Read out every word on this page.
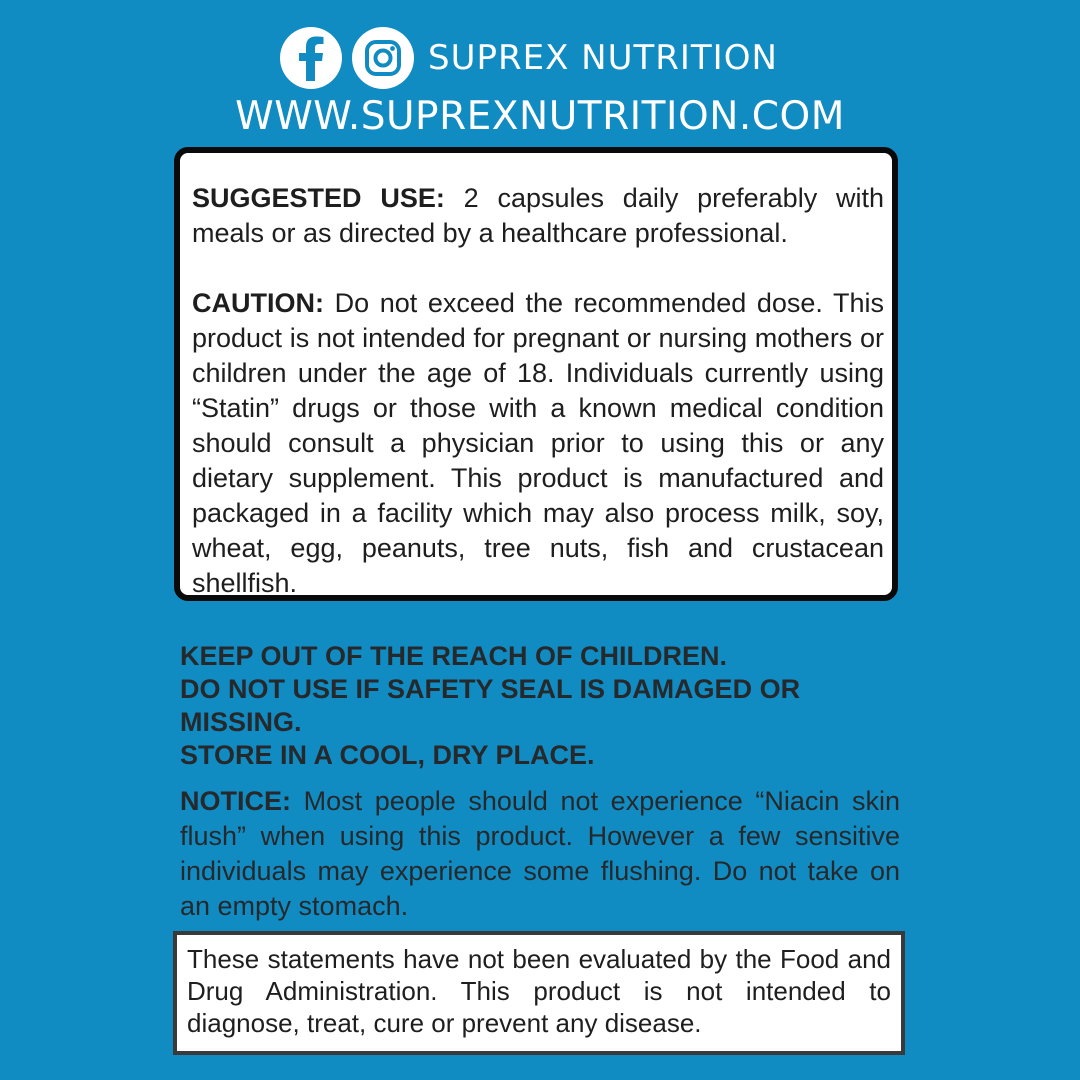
SUPREX NUTRITION
WWW.SUPREXNUTRITION.COM

SUGGESTED USE: 2 capsules daily preferably with meals or as directed by a healthcare professional.

CAUTION: Do not exceed the recommended dose. This product is not intended for pregnant or nursing mothers or children under the age of 18. Individuals currently using “Statin” drugs or those with a known medical condition should consult a physician prior to using this or any dietary supplement. This product is manufactured and packaged in a facility which may also process milk, soy, wheat, egg, peanuts, tree nuts, fish and crustacean shellfish.

KEEP OUT OF THE REACH OF CHILDREN.
DO NOT USE IF SAFETY SEAL IS DAMAGED OR MISSING.
STORE IN A COOL, DRY PLACE.

NOTICE: Most people should not experience “Niacin skin flush” when using this product. However a few sensitive individuals may experience some flushing. Do not take on an empty stomach.

These statements have not been evaluated by the Food and Drug Administration. This product is not intended to diagnose, treat, cure or prevent any disease.
